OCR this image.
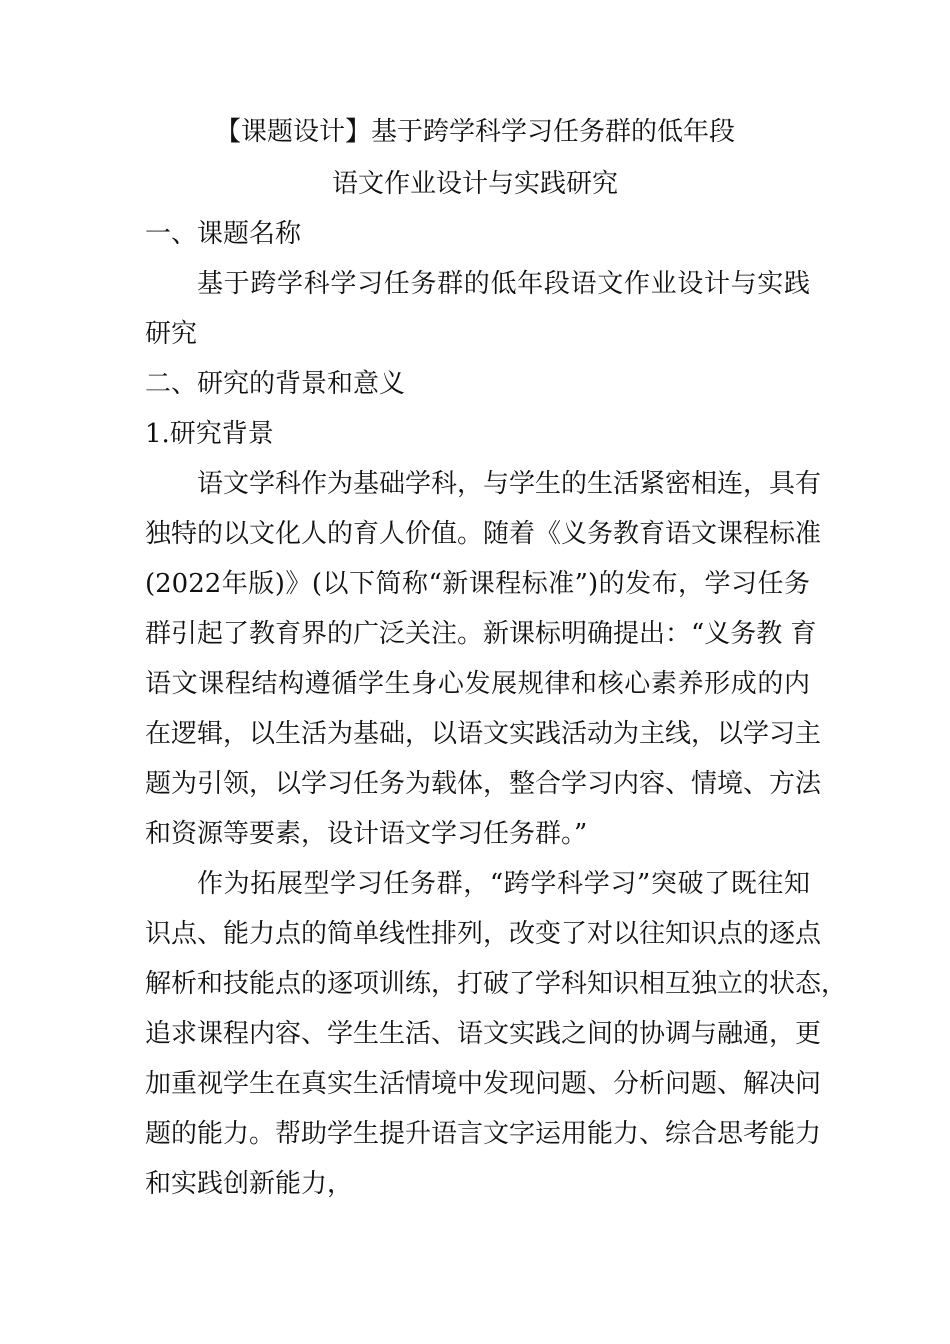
【课题设计】基于跨学科学习任务群的低年段
语文作业设计与实践研究
一、课题名称
基于跨学科学习任务群的低年段语文作业设计与实践
研究
二、研究的背景和意义
1.研究背景
语文学科作为基础学科，与学生的生活紧密相连，具有
独特的以文化人的育人价值。随着《义务教育语文课程标准
(2022年版)》(以下简称“新课程标准”)的发布，学习任务
群引起了教育界的广泛关注。新课标明确提出：“义务教 育
语文课程结构遵循学生身心发展规律和核心素养形成的内
在逻辑，以生活为基础，以语文实践活动为主线，以学习主
题为引领，以学习任务为载体，整合学习内容、情境、方法
和资源等要素，设计语文学习任务群。”
作为拓展型学习任务群，“跨学科学习”突破了既往知
识点、能力点的简单线性排列，改变了对以往知识点的逐点
解析和技能点的逐项训练，打破了学科知识相互独立的状态，
追求课程内容、学生生活、语文实践之间的协调与融通，更
加重视学生在真实生活情境中发现问题、分析问题、解决问
题的能力。帮助学生提升语言文字运用能力、综合思考能力
和实践创新能力，
